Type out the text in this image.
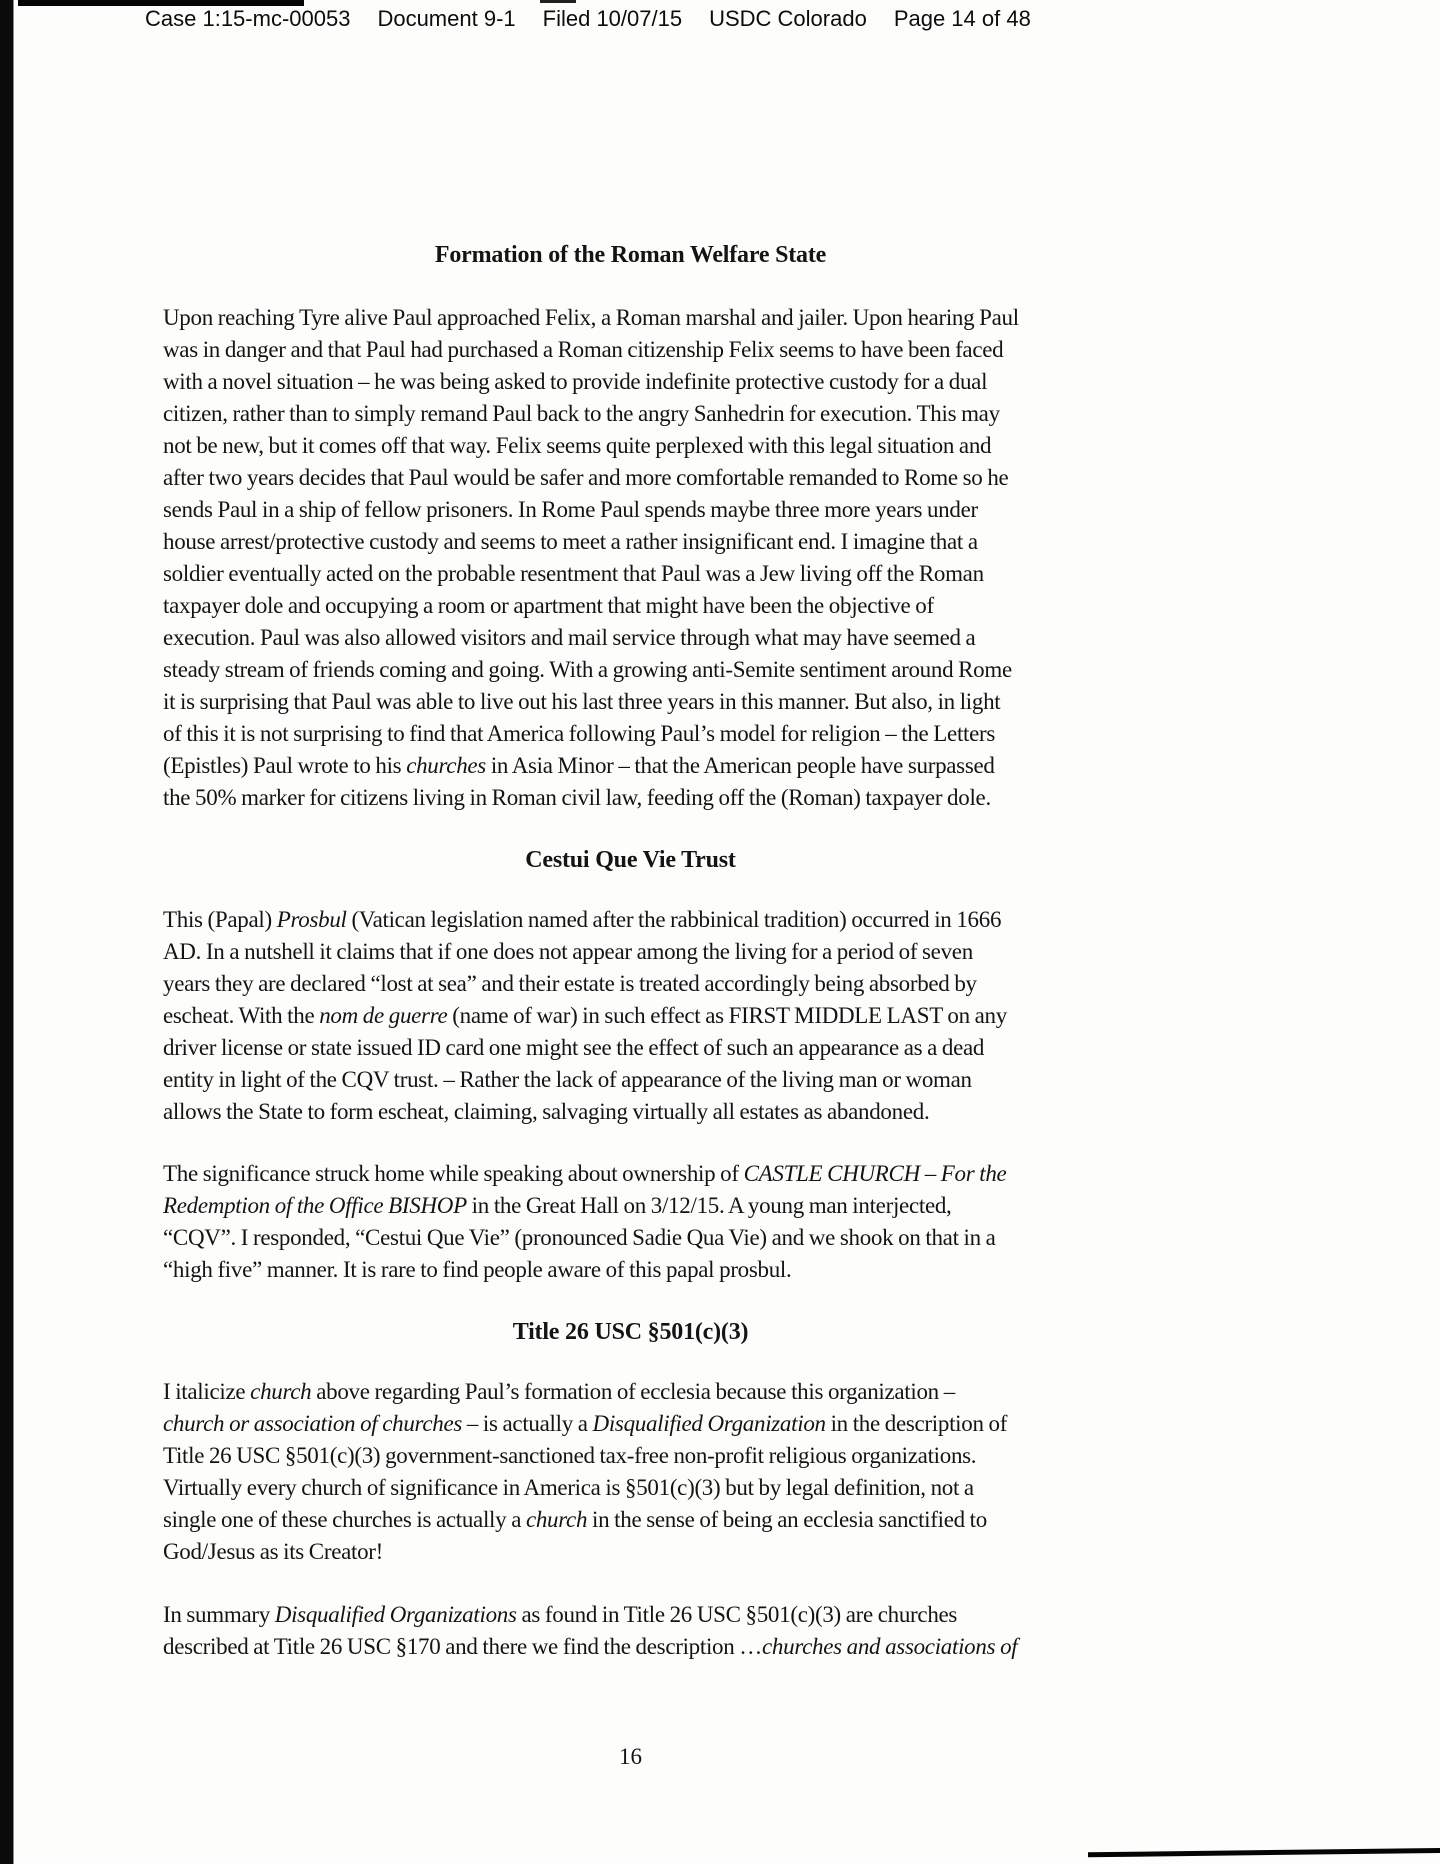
Case 1:15-mc-00053 Document 9-1 Filed 10/07/15 USDC Colorado Page 14 of 48
Formation of the Roman Welfare State
Upon reaching Tyre alive Paul approached Felix, a Roman marshal and jailer. Upon hearing Paul
was in danger and that Paul had purchased a Roman citizenship Felix seems to have been faced
with a novel situation – he was being asked to provide indefinite protective custody for a dual
citizen, rather than to simply remand Paul back to the angry Sanhedrin for execution. This may
not be new, but it comes off that way. Felix seems quite perplexed with this legal situation and
after two years decides that Paul would be safer and more comfortable remanded to Rome so he
sends Paul in a ship of fellow prisoners. In Rome Paul spends maybe three more years under
house arrest/protective custody and seems to meet a rather insignificant end. I imagine that a
soldier eventually acted on the probable resentment that Paul was a Jew living off the Roman
taxpayer dole and occupying a room or apartment that might have been the objective of
execution. Paul was also allowed visitors and mail service through what may have seemed a
steady stream of friends coming and going. With a growing anti-Semite sentiment around Rome
it is surprising that Paul was able to live out his last three years in this manner. But also, in light
of this it is not surprising to find that America following Paul’s model for religion – the Letters
(Epistles) Paul wrote to his churches in Asia Minor – that the American people have surpassed
the 50% marker for citizens living in Roman civil law, feeding off the (Roman) taxpayer dole.
Cestui Que Vie Trust
This (Papal) Prosbul (Vatican legislation named after the rabbinical tradition) occurred in 1666
AD. In a nutshell it claims that if one does not appear among the living for a period of seven
years they are declared “lost at sea” and their estate is treated accordingly being absorbed by
escheat. With the nom de guerre (name of war) in such effect as FIRST MIDDLE LAST on any
driver license or state issued ID card one might see the effect of such an appearance as a dead
entity in light of the CQV trust. – Rather the lack of appearance of the living man or woman
allows the State to form escheat, claiming, salvaging virtually all estates as abandoned.
The significance struck home while speaking about ownership of CASTLE CHURCH – For the
Redemption of the Office BISHOP in the Great Hall on 3/12/15. A young man interjected,
“CQV”. I responded, “Cestui Que Vie” (pronounced Sadie Qua Vie) and we shook on that in a
“high five” manner. It is rare to find people aware of this papal prosbul.
Title 26 USC §501(c)(3)
I italicize church above regarding Paul’s formation of ecclesia because this organization –
church or association of churches – is actually a Disqualified Organization in the description of
Title 26 USC §501(c)(3) government-sanctioned tax-free non-profit religious organizations.
Virtually every church of significance in America is §501(c)(3) but by legal definition, not a
single one of these churches is actually a church in the sense of being an ecclesia sanctified to
God/Jesus as its Creator!
In summary Disqualified Organizations as found in Title 26 USC §501(c)(3) are churches
described at Title 26 USC §170 and there we find the description …churches and associations of
16
